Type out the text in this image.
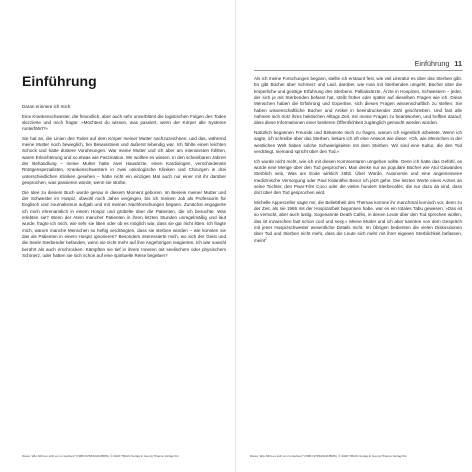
Einführung

Daran erinnere ich mich:

Eine Krankenschwester, die freundlich, aber auch sehr unverblümt die logistischen Folgen des Todes skizzierte und mich fragte: »Möchtest du wissen, was passiert, wenn der Körper alle Systeme runterfährt?«

Sie hat an, die Linien des Todes auf dem Körper meiner Mutter nachzuzeichnen, und das, während meine Mutter noch beweglich, bei Bewusstsein und äußerst lebendig war. Ich fühlte einen leichten Schock und hatte düstere Vorahnungen. War meine Mutter und ich aber am intensivsten fühlten, waren Erleichterung und so etwas wie Faszination. Wir wollten es wissen. In den scheinbaren Jahren der Behandlung – meine Mutter hatte zwei Hausärzte, einen Kardiologen, verschiedenste Röntgenspezialisten, Krankenschwestern in zwei onkologische Kliniken und Chirurgen in drei unterschiedlichen Kliniken gesehen – hatte nicht ein einziges Mal auch nur einer mit ihr darüber gesprochen, was passieren würde, wenn sie stürbe.

Die Idee zu diesem Buch wurde genau in diesem Moment geboren. Im Beisein meiner Mutter und der Schwester im Hospiz, obwohl noch Jahre vergingen, bis ich meinen Job als Professorin für Englisch und Journalismus aufgab und mit meinen Nachforschungen begann. Zunächst engagierte ich mich ehrenamtlich in einem Hospiz und grübelte über die Patienten, die ich besuchte. Was erlebten sie? Wenn der Atem mancher Patienten in ihren letzten Stunden unregelmäßig und laut wurde, fragte ich mich, wie sehr sie litten oder ob es möglich war, dass sie gar nicht litten. Ich fragte mich, warum manche Menschen so heftig verdrängten, dass sie sterben würden – wie konnten sie das als Patienten in einem Hospiz ignorieren? Besonders interessierte mich, wo sich der Geist und die Seele Sterbender befanden, wenn sie nicht mehr auf ihre Angehörigen reagierten. Ich war sowohl berührt als auch erschrocken: Kämpften sie tief in ihrem Inneren mit seelischem oder physischem Schmerz, oder hatten sie sich schon auf eine spirituelle Reise begeben?

Diese: Wie fühlt es sich an zu sterben? (ISBN 9783432118586), © 2020 TRIAS Verlag in Georg Thieme Verlag KG
Einführung 11

Als ich meine Forschungen begann, stellte ich erstaunt fest, wie viel Literatur es über das Sterben gibt. Es gibt Bücher über Schmerz und Leid, darüber, wie man mit Sterbenden umgeht, Bücher über die körperliche und geistige Erfahrung des Sterbens. Palliativärzte, Ärzte in Hospizen, Schwestern – jeder, der sich je mit Sterbenden befasst hat, stößt früher oder später auf dieselben Fragen wie ich. Diese Menschen haben die Erfahrung und Expertise, sich diesen Fragen wissenschaftlich zu stellen. Sie haben wissenschaftliche Bücher und Artikel in beeindruckender Zahl geschrieben. Und fast alle nahmen sich trotz ihres hektischen Alltags Zeit, mir meine Fragen zu beantworten, und hofften darauf, dass diese Informationen einer breiteren Öffentlichkeit zugänglich gemacht werden würden.

Natürlich begannen Freunde und Bekannte mich zu fragen, warum ich eigentlich arbeitete. Wenn ich sagte, ich schreibe über das Sterben, bekam ich oft eine Antwort wie diese: »Oh, wie Menschen in der westlichen Welt haben solche Schwierigkeiten mit dem Sterben. Wir sind eine Kultur, die den Tod verdrängt, niemand spricht über den Tod.«

Ich wurde nicht recht, wie ich mit diesen Kommentaren umgehen sollte. Denn ich hatte das Gefühl, es würde eine Menge über den Tod gesprochen. Man denke nur an populäre Bücher wie Atul Gawandes Sterblich sein, Was am Ende wirklich zählt. Über Würde, Autonomie und eine angemessene medizinische Versorgung oder Paul Kalanithis Bevor ich jetzt gehe. Die letzten Worte eines Arztes an seine Tochter, den Pixar-Film Coco oder die vielen hundert Sterbecafés, die nur dazu da sind, dass dort über den Tod gesprochen wird.

Michelle Appeszeller sagte mir, die Beliebtheit des Themas komme ihr manchmal komisch vor, denn zu der Zeit, als sie 1986 mit der Hospizarbeit begonnen habe, war es ein totales Tabu gewesen. »Das ist so verrückt, aber auch lustig. Sogenannte Death Cafés, in denen Leute über den Tod sprechen wollen, das ist inzwischen fast schon cool und sexy.« Meine Mutter und ich aber kannten von dem Gespräch mit jener Hospizschwester wesentliche Details nicht. Im Übrigen bedienten die vielen Diskussionen über Tod und Sterben nicht mehr, dass die Leute sich mehr mit ihrer eigenen Sterblichkeit befassen, meint$^2$

Diese: Wie fühlt es sich an zu sterben? (ISBN 9783432118586), © 2020 TRIAS Verlag in Georg Thieme Verlag KG
